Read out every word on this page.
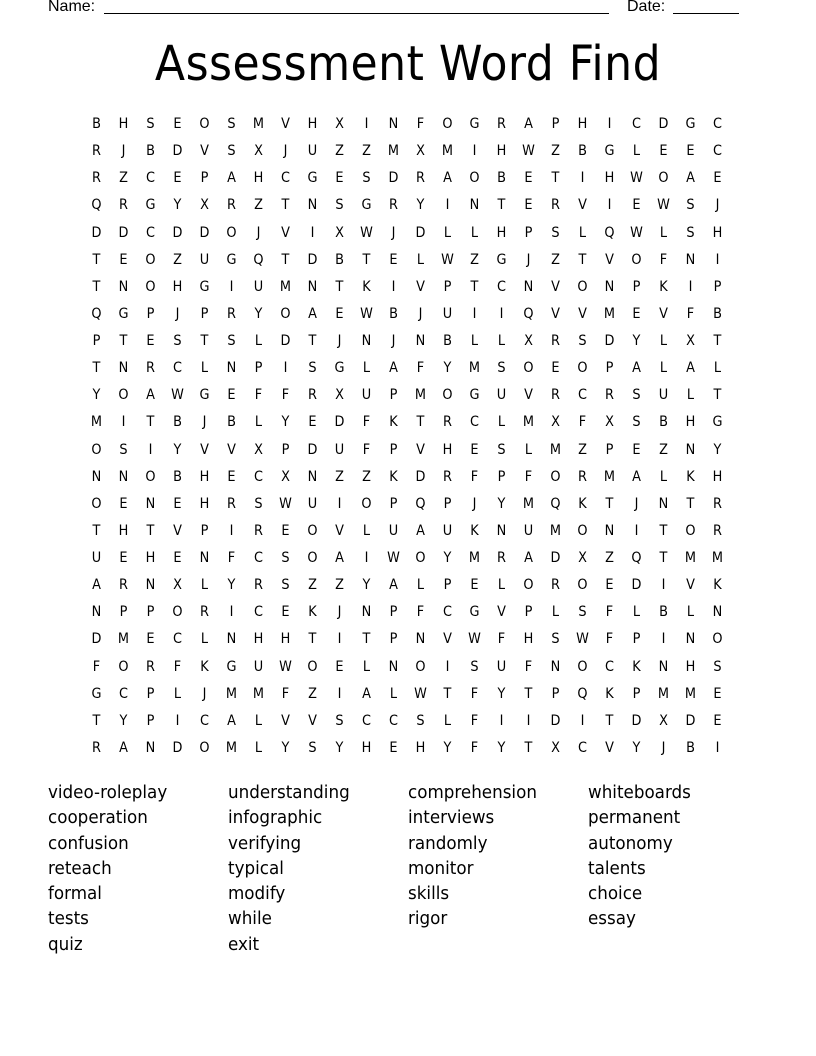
Name:	Date:
Assessment Word Find
B	H	S	E	O	S	M	V	H	X	I	N	F	O	G	R	A	P	H	I	C	D	G	C
R	J	B	D	V	S	X	J	U	Z	Z	M	X	M	I	H	W	Z	B	G	L	E	E	C
R	Z	C	E	P	A	H	C	G	E	S	D	R	A	O	B	E	T	I	H	W	O	A	E
Q	R	G	Y	X	R	Z	T	N	S	G	R	Y	I	N	T	E	R	V	I	E	W	S	J
D	D	C	D	D	O	J	V	I	X	W	J	D	L	L	H	P	S	L	Q	W	L	S	H
T	E	O	Z	U	G	Q	T	D	B	T	E	L	W	Z	G	J	Z	T	V	O	F	N	I
T	N	O	H	G	I	U	M	N	T	K	I	V	P	T	C	N	V	O	N	P	K	I	P
Q	G	P	J	P	R	Y	O	A	E	W	B	J	U	I	I	Q	V	V	M	E	V	F	B
P	T	E	S	T	S	L	D	T	J	N	J	N	B	L	L	X	R	S	D	Y	L	X	T
T	N	R	C	L	N	P	I	S	G	L	A	F	Y	M	S	O	E	O	P	A	L	A	L
Y	O	A	W	G	E	F	F	R	X	U	P	M	O	G	U	V	R	C	R	S	U	L	T
M	I	T	B	J	B	L	Y	E	D	F	K	T	R	C	L	M	X	F	X	S	B	H	G
O	S	I	Y	V	V	X	P	D	U	F	P	V	H	E	S	L	M	Z	P	E	Z	N	Y
N	N	O	B	H	E	C	X	N	Z	Z	K	D	R	F	P	F	O	R	M	A	L	K	H
O	E	N	E	H	R	S	W	U	I	O	P	Q	P	J	Y	M	Q	K	T	J	N	T	R
T	H	T	V	P	I	R	E	O	V	L	U	A	U	K	N	U	M	O	N	I	T	O	R
U	E	H	E	N	F	C	S	O	A	I	W	O	Y	M	R	A	D	X	Z	Q	T	M	M
A	R	N	X	L	Y	R	S	Z	Z	Y	A	L	P	E	L	O	R	O	E	D	I	V	K
N	P	P	O	R	I	C	E	K	J	N	P	F	C	G	V	P	L	S	F	L	B	L	N
D	M	E	C	L	N	H	H	T	I	T	P	N	V	W	F	H	S	W	F	P	I	N	O
F	O	R	F	K	G	U	W	O	E	L	N	O	I	S	U	F	N	O	C	K	N	H	S
G	C	P	L	J	M	M	F	Z	I	A	L	W	T	F	Y	T	P	Q	K	P	M	M	E
T	Y	P	I	C	A	L	V	V	S	C	C	S	L	F	I	I	D	I	T	D	X	D	E
R	A	N	D	O	M	L	Y	S	Y	H	E	H	Y	F	Y	T	X	C	V	Y	J	B	I
video-roleplay
cooperation
confusion
reteach
formal
tests
quiz
understanding
infographic
verifying
typical
modify
while
exit
comprehension
interviews
randomly
monitor
skills
rigor
whiteboards
permanent
autonomy
talents
choice
essay
